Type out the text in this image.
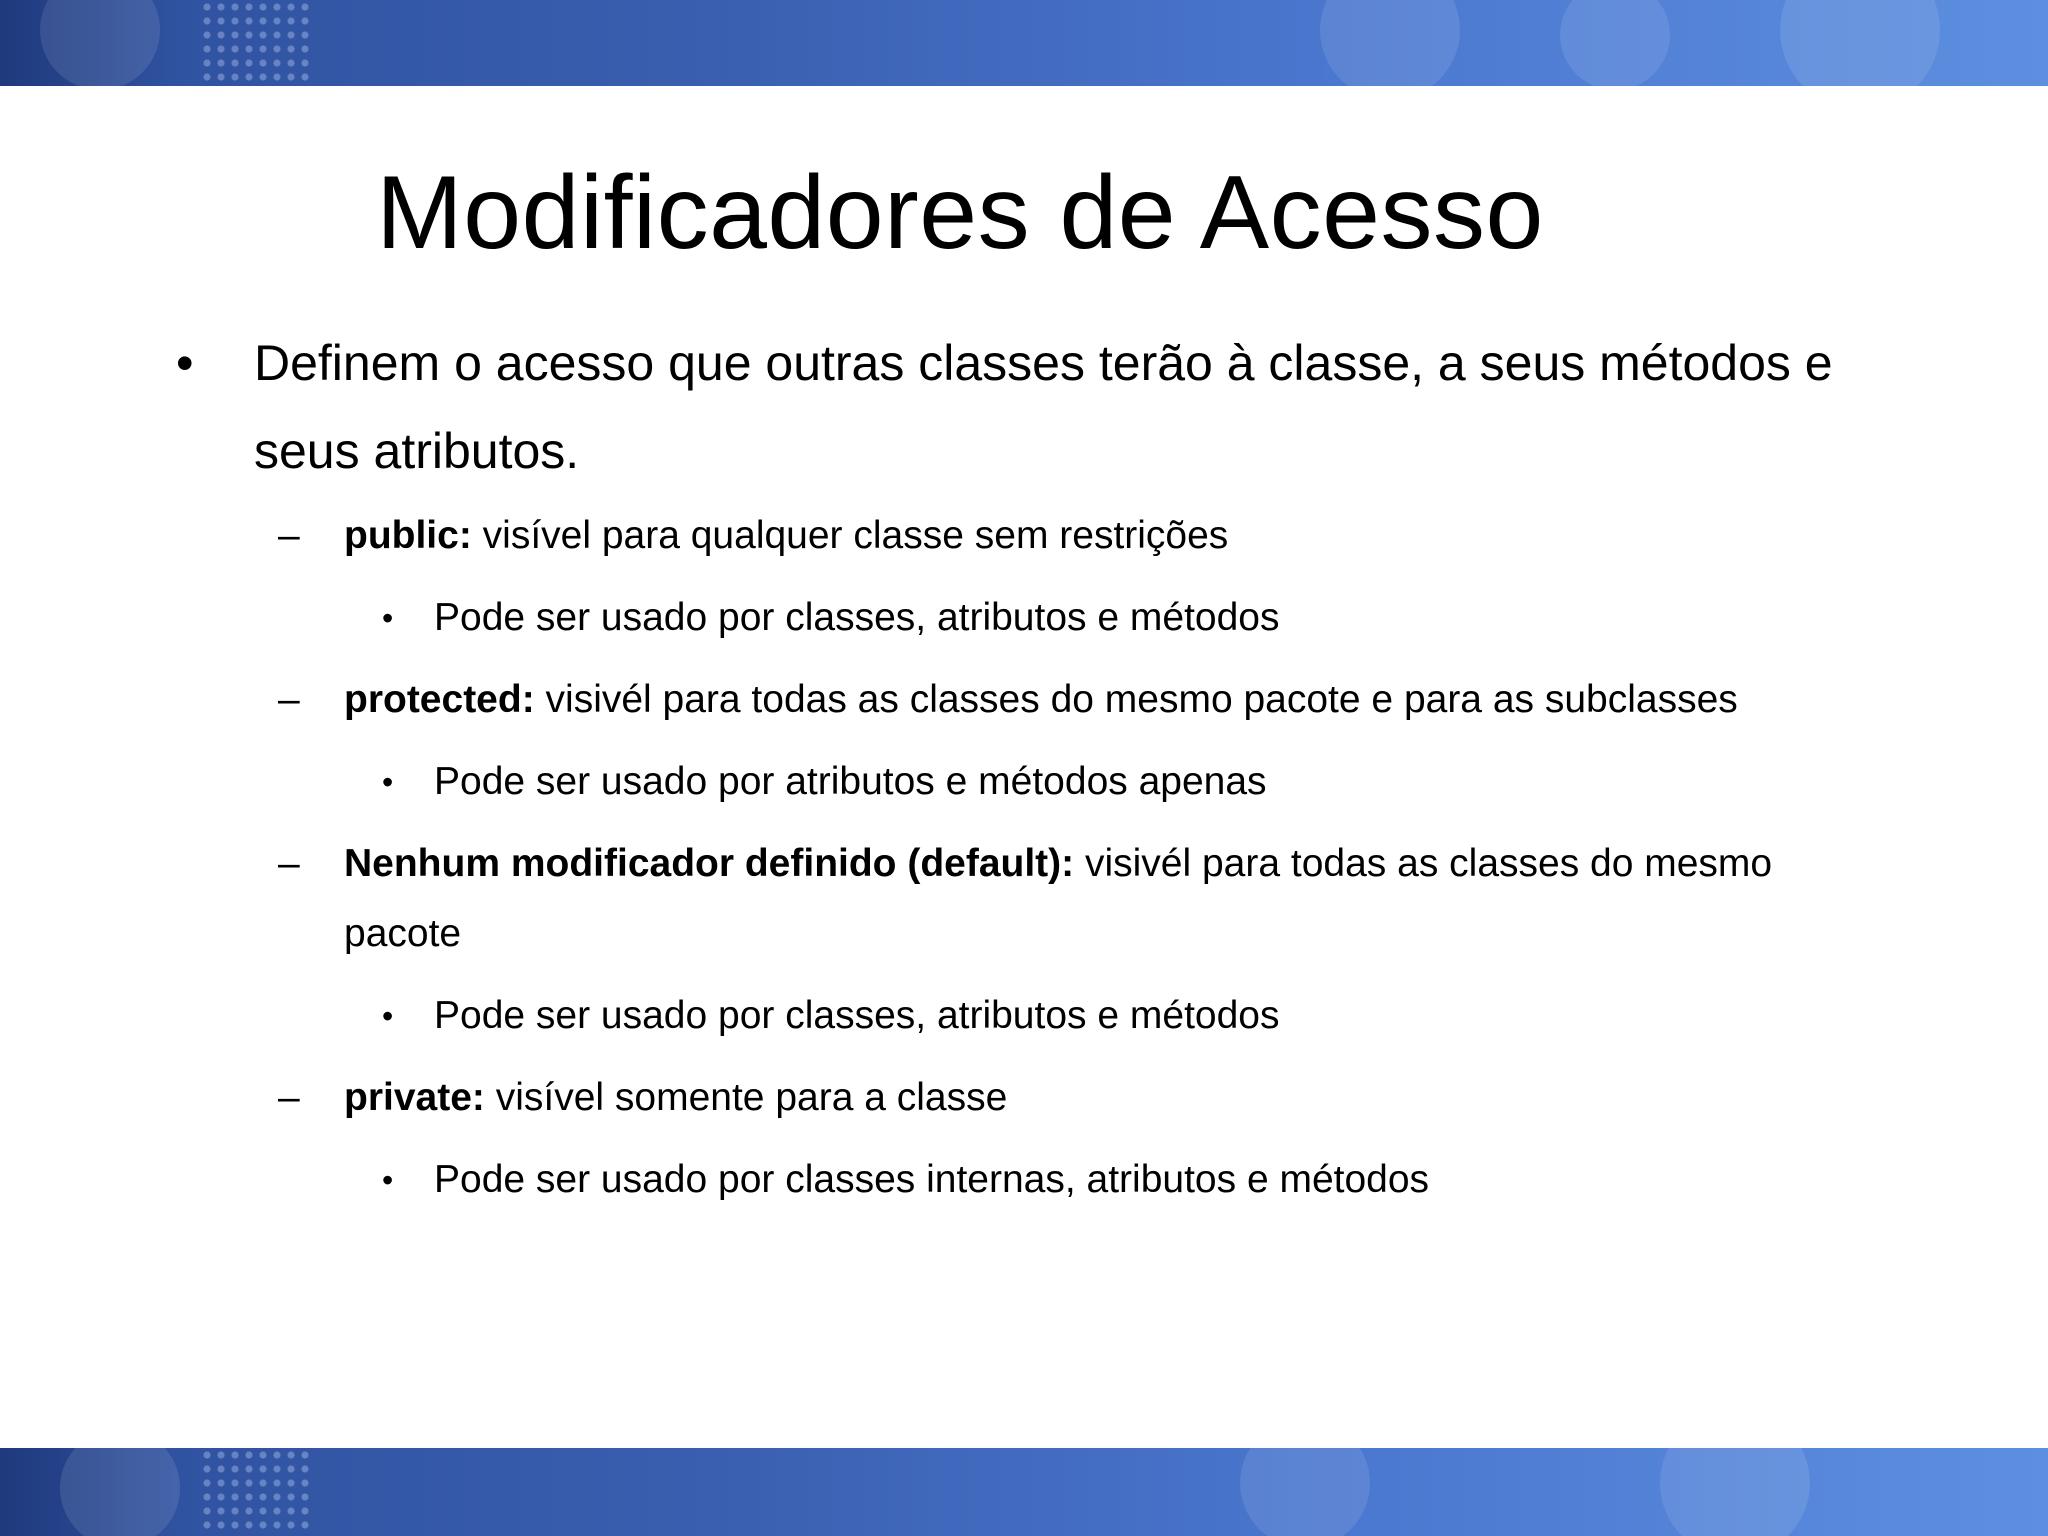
Modificadores de Acesso
• Definem o acesso que outras classes terão à classe, a seus métodos e
seus atributos.
– public: visível para qualquer classe sem restrições
• Pode ser usado por classes, atributos e métodos
– protected: visivél para todas as classes do mesmo pacote e para as subclasses
• Pode ser usado por atributos e métodos apenas
– Nenhum modificador definido (default): visivél para todas as classes do mesmo
pacote
• Pode ser usado por classes, atributos e métodos
– private: visível somente para a classe
• Pode ser usado por classes internas, atributos e métodos
